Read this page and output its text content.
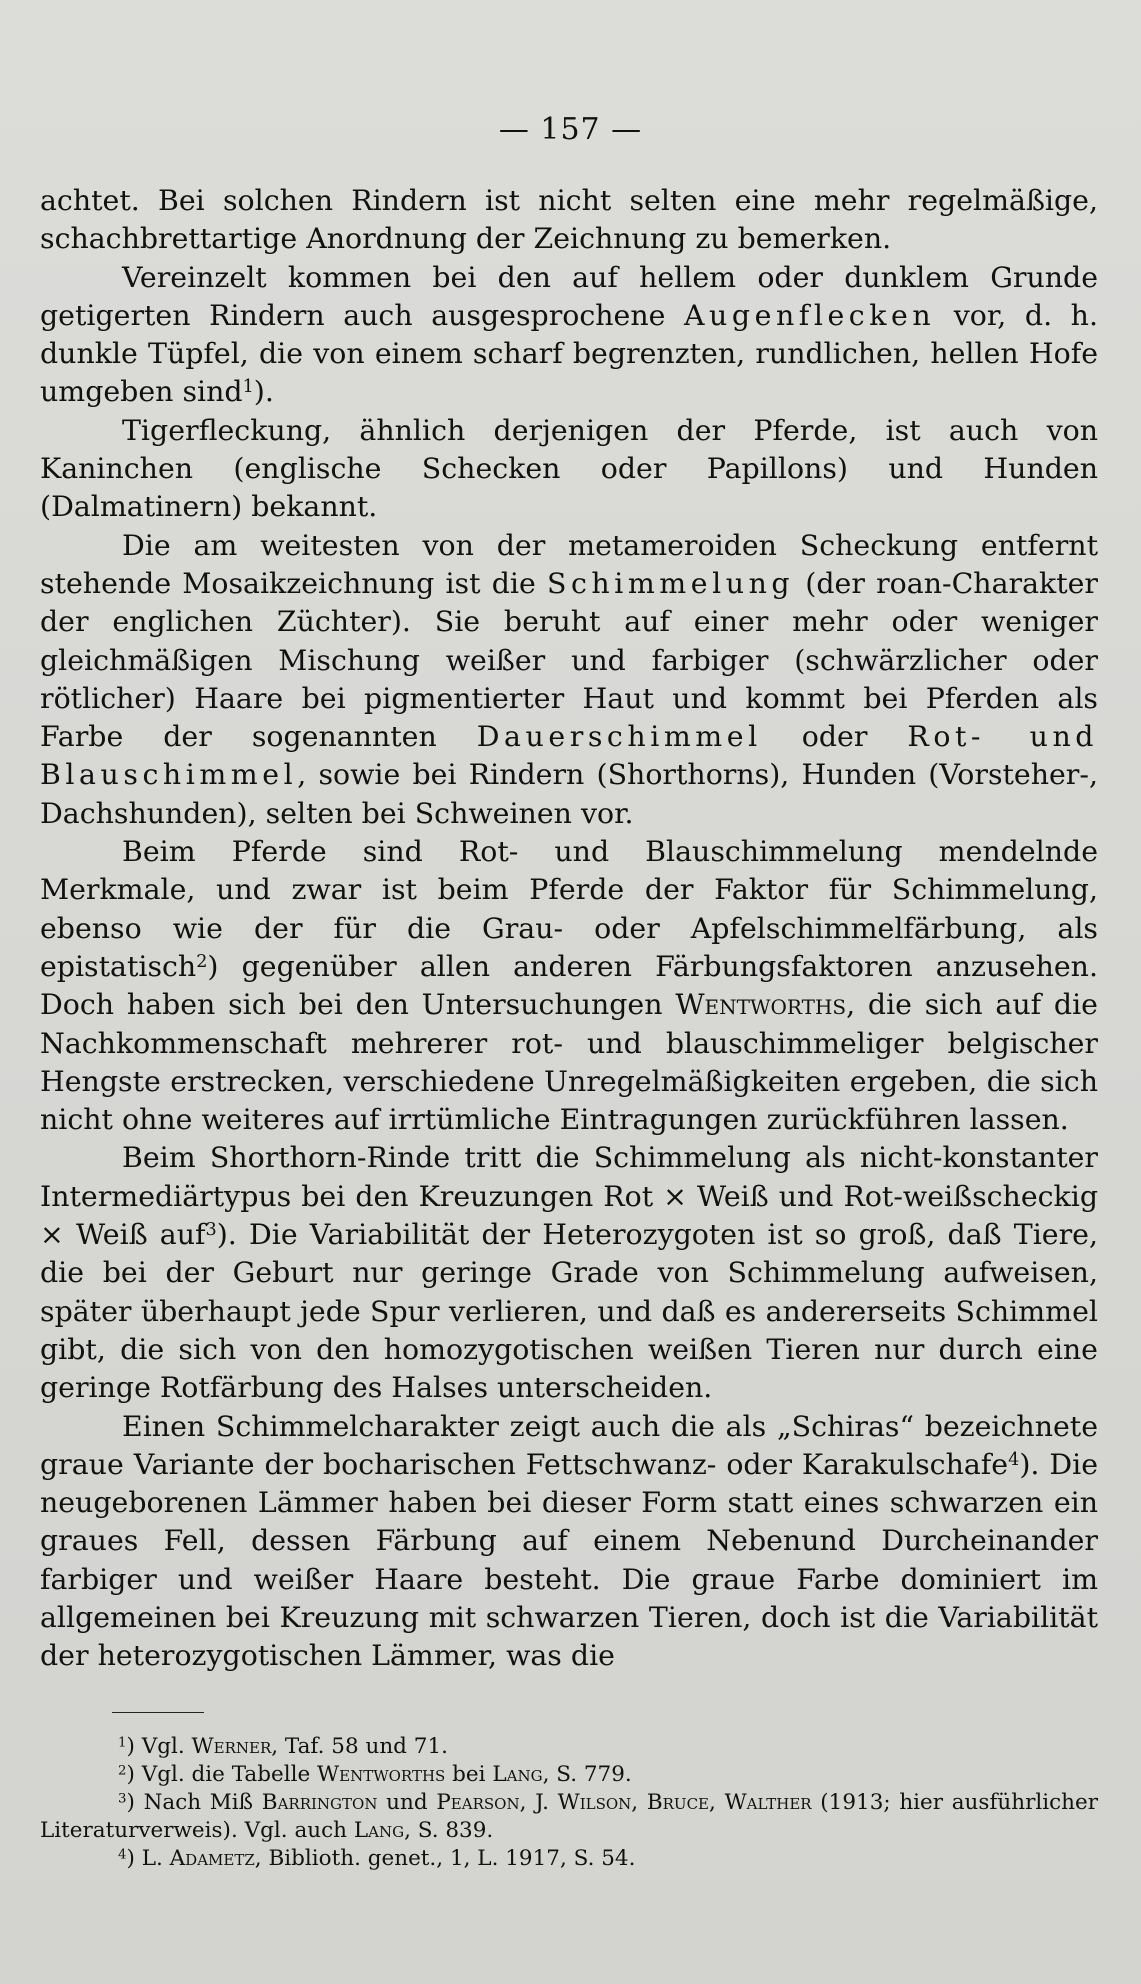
— 157 —

achtet. Bei solchen Rindern ist nicht selten eine mehr regelmäßige, schachbrettartige Anordnung der Zeichnung zu bemerken.

Vereinzelt kommen bei den auf hellem oder dunklem Grunde getigerten Rindern auch ausgesprochene Augenflecken vor, d. h. dunkle Tüpfel, die von einem scharf begrenzten, rundlichen, hellen Hofe umgeben sind$^1$).

Tigerfleckung, ähnlich derjenigen der Pferde, ist auch von Kaninchen (englische Schecken oder Papillons) und Hunden (Dalmatinern) bekannt.

Die am weitesten von der metameroiden Scheckung entfernt stehende Mosaikzeichnung ist die Schimmelung (der roan-Charakter der englichen Züchter). Sie beruht auf einer mehr oder weniger gleichmäßigen Mischung weißer und farbiger (schwärzlicher oder rötlicher) Haare bei pigmentierter Haut und kommt bei Pferden als Farbe der sogenannten Dauerschimmel oder Rot- und Blauschimmel, sowie bei Rindern (Shorthorns), Hunden (Vorsteher-, Dachshunden), selten bei Schweinen vor.

Beim Pferde sind Rot- und Blauschimmelung mendelnde Merkmale, und zwar ist beim Pferde der Faktor für Schimmelung, ebenso wie der für die Grau- oder Apfelschimmelfärbung, als epistatisch$^2$) gegenüber allen anderen Färbungsfaktoren anzusehen. Doch haben sich bei den Untersuchungen Wentworths, die sich auf die Nachkommenschaft mehrerer rot- und blauschimmeliger belgischer Hengste erstrecken, verschiedene Unregelmäßigkeiten ergeben, die sich nicht ohne weiteres auf irrtümliche Eintragungen zurückführen lassen.

Beim Shorthorn-Rinde tritt die Schimmelung als nicht-konstanter Intermediärtypus bei den Kreuzungen Rot × Weiß und Rot-weißscheckig × Weiß auf$^3$). Die Variabilität der Heterozygoten ist so groß, daß Tiere, die bei der Geburt nur geringe Grade von Schimmelung aufweisen, später überhaupt jede Spur verlieren, und daß es andererseits Schimmel gibt, die sich von den homozygotischen weißen Tieren nur durch eine geringe Rotfärbung des Halses unterscheiden.

Einen Schimmelcharakter zeigt auch die als „Schiras“ bezeichnete graue Variante der bocharischen Fettschwanz- oder Karakulschafe$^4$). Die neugeborenen Lämmer haben bei dieser Form statt eines schwarzen ein graues Fell, dessen Färbung auf einem Nebenund Durcheinander farbiger und weißer Haare besteht. Die graue Farbe dominiert im allgemeinen bei Kreuzung mit schwarzen Tieren, doch ist die Variabilität der heterozygotischen Lämmer, was die

$^1$) Vgl. Werner, Taf. 58 und 71.

$^2$) Vgl. die Tabelle Wentworths bei Lang, S. 779.

$^3$) Nach Miß Barrington und Pearson, J. Wilson, Bruce, Walther (1913; hier ausführlicher Literaturverweis). Vgl. auch Lang, S. 839.

$^4$) L. Adametz, Biblioth. genet., 1, L. 1917, S. 54.
